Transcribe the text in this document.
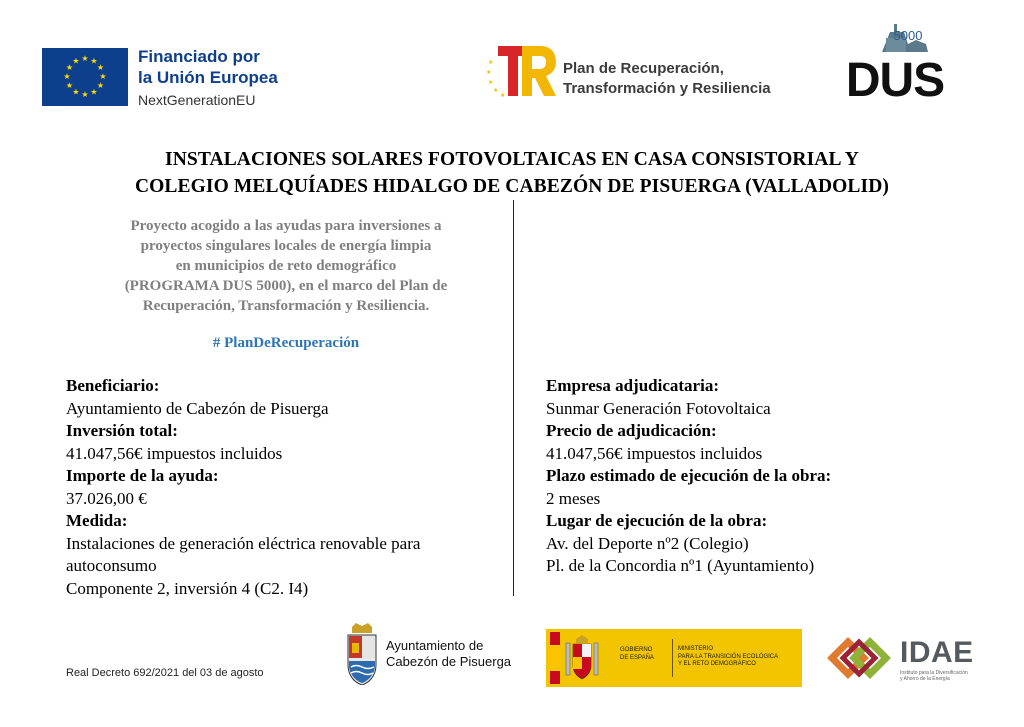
★ ★
★
★
★
★
★
★
★
★
★
★	Financiado por
la Unión Europea
NextGenerationEU
★
★
★
★
★
Plan de Recuperación,
Transformación y Resiliencia
5000
DUS
INSTALACIONES SOLARES FOTOVOLTAICAS EN CASA CONSISTORIAL Y
COLEGIO MELQUÍADES HIDALGO DE CABEZÓN DE PISUERGA (VALLADOLID)
Proyecto acogido a las ayudas para inversiones a
proyectos singulares locales de energía limpia
en municipios de reto demográfico
(PROGRAMA DUS 5000), en el marco del Plan de
Recuperación, Transformación y Resiliencia.
# PlanDeRecuperación
Beneficiario:
Ayuntamiento de Cabezón de Pisuerga
Inversión total:
41.047,56€ impuestos incluidos
Importe de la ayuda:
37.026,00 €
Medida:
Instalaciones de generación eléctrica renovable para
autoconsumo
Componente 2, inversión 4 (C2. I4)
Empresa adjudicataria:
Sunmar Generación Fotovoltaica
Precio de adjudicación:
41.047,56€ impuestos incluidos
Plazo estimado de ejecución de la obra:
2 meses
Lugar de ejecución de la obra:
Av. del Deporte nº2 (Colegio)
Pl. de la Concordia nº1 (Ayuntamiento)
Real Decreto 692/2021 del 03 de agosto
Ayuntamiento de
Cabezón de Pisuerga
GOBIERNO
DE ESPAÑA
MINISTERIO
PARA LA TRANSICIÓN ECOLÓGICA
Y EL RETO DEMOGRÁFICO	IDAE
Instituto para la Diversificación
y Ahorro de la Energía
